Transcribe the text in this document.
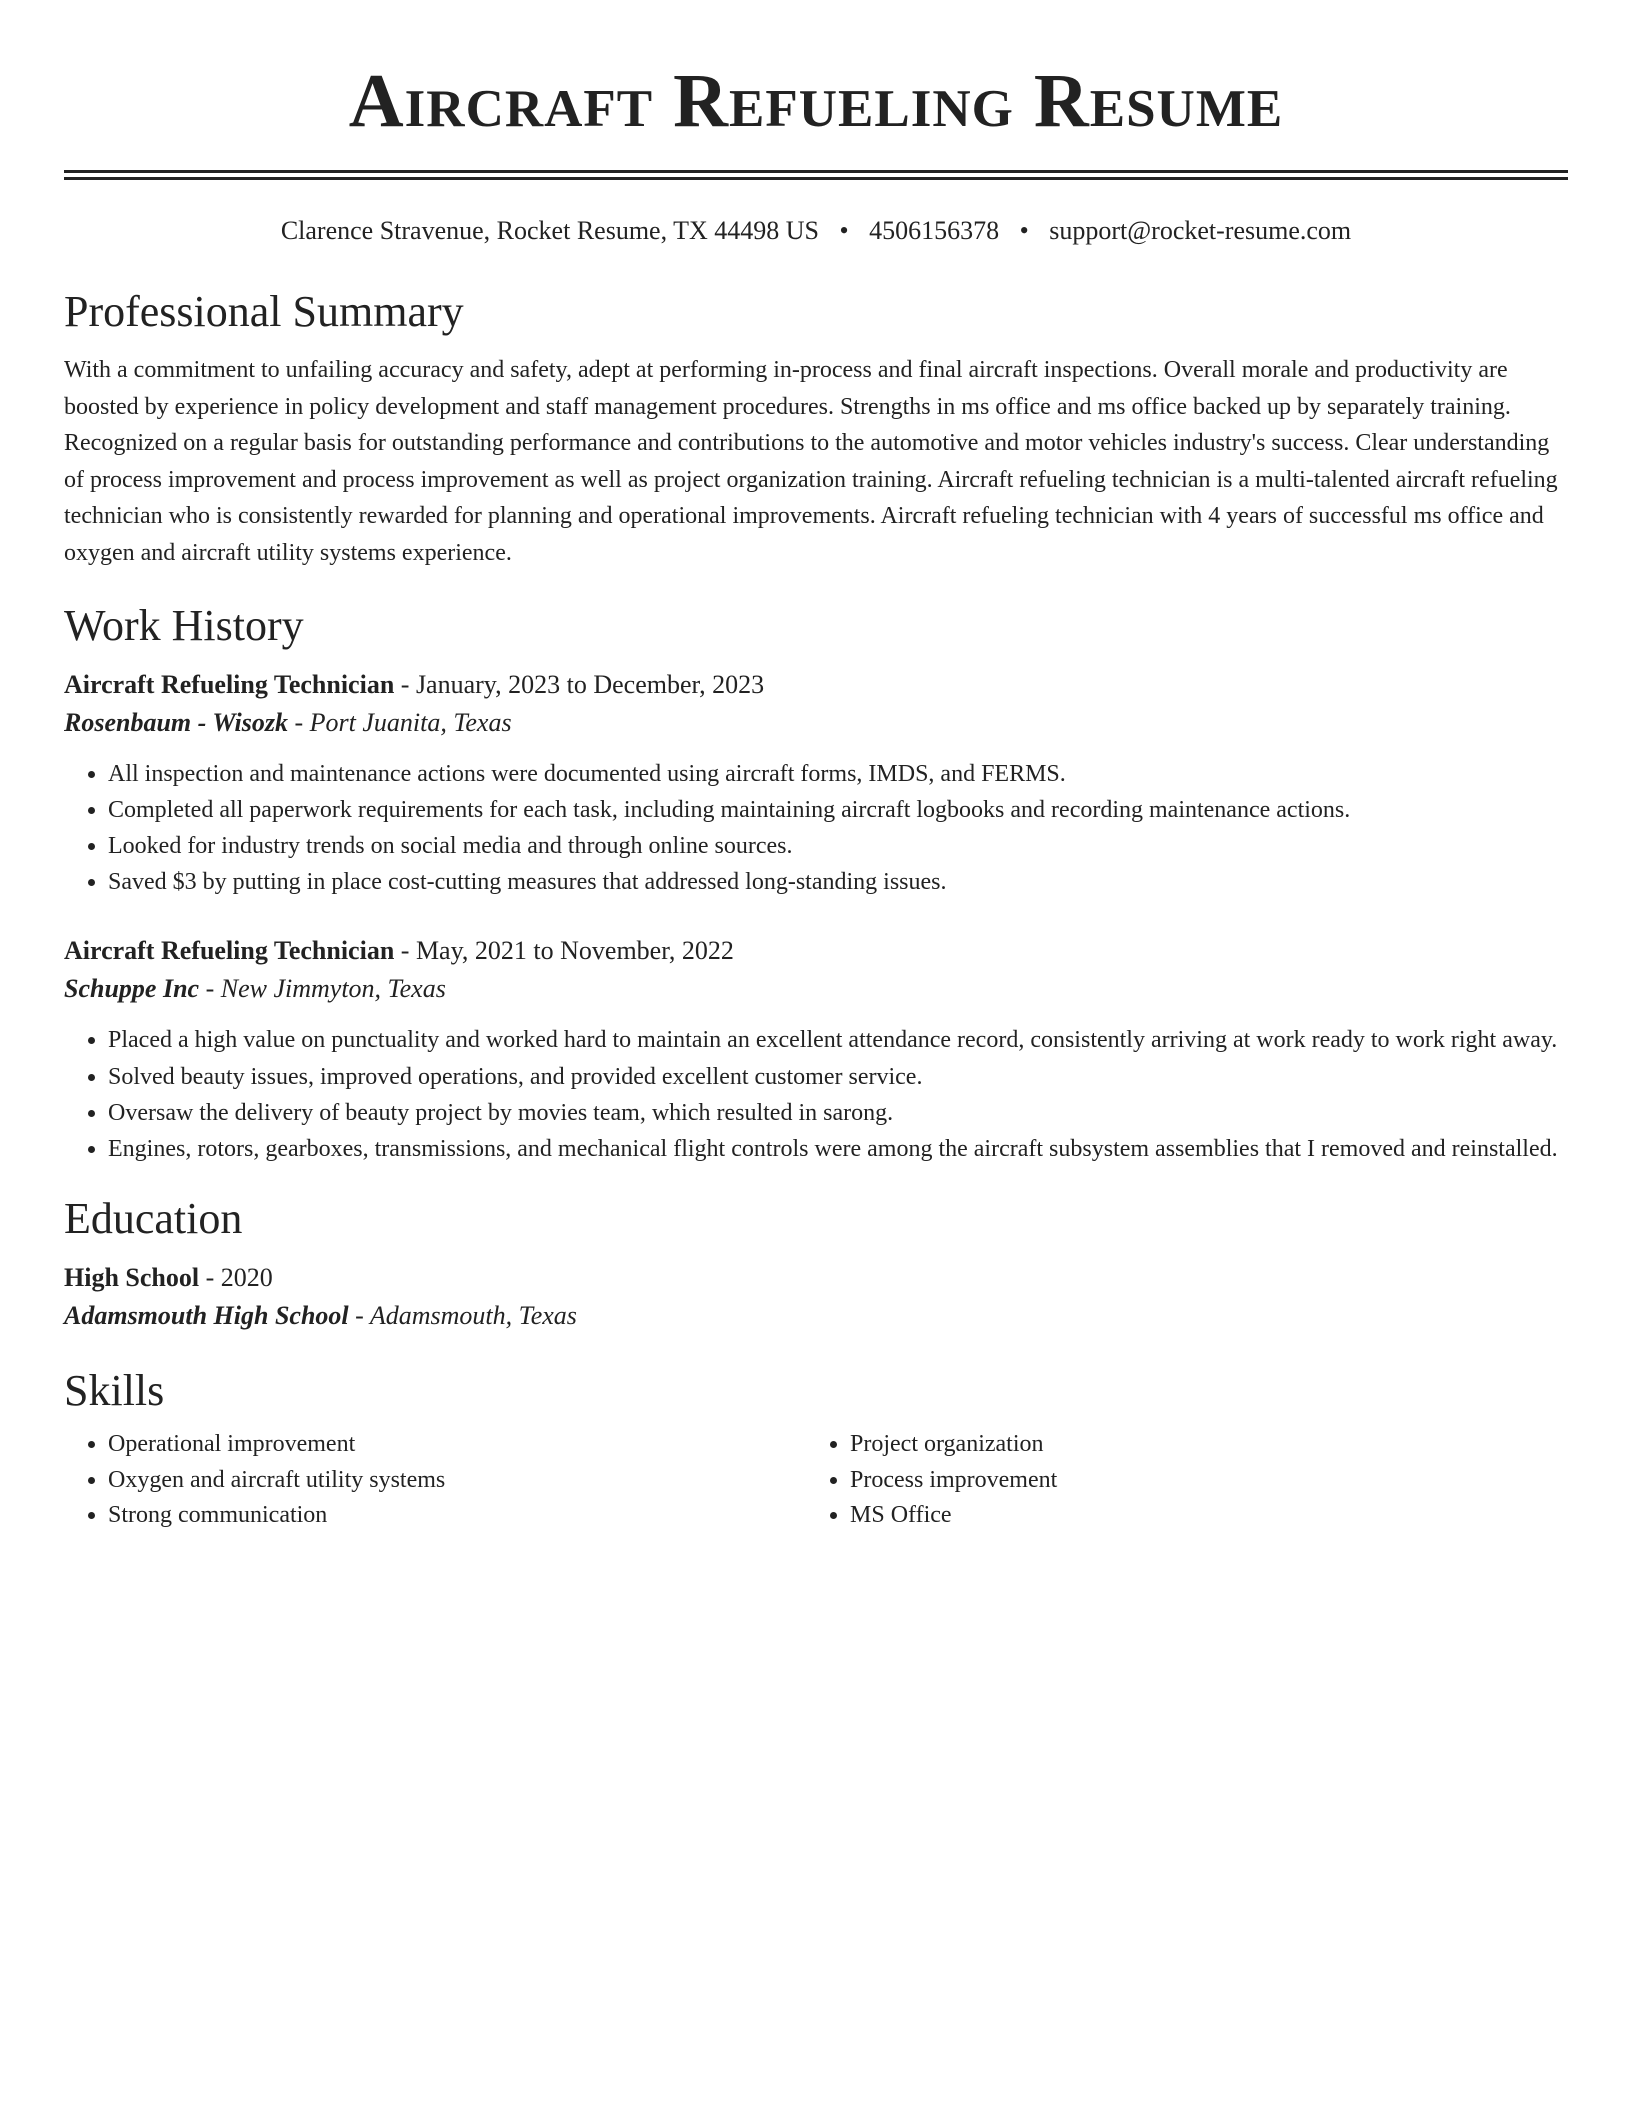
Aircraft Refueling Resume
Clarence Stravenue, Rocket Resume, TX 44498 US • 4506156378 • support@rocket-resume.com
Professional Summary

With a commitment to unfailing accuracy and safety, adept at performing in-process and final aircraft inspections. Overall morale and productivity are boosted by experience in policy development and staff management procedures. Strengths in ms office and ms office backed up by separately training. Recognized on a regular basis for outstanding performance and contributions to the automotive and motor vehicles industry's success. Clear understanding of process improvement and process improvement as well as project organization training. Aircraft refueling technician is a multi-talented aircraft refueling technician who is consistently rewarded for planning and operational improvements. Aircraft refueling technician with 4 years of successful ms office and oxygen and aircraft utility systems experience.

Work History
Aircraft Refueling Technician - January, 2023 to December, 2023
Rosenbaum - Wisozk - Port Juanita, Texas
• All inspection and maintenance actions were documented using aircraft forms, IMDS, and FERMS.
• Completed all paperwork requirements for each task, including maintaining aircraft logbooks and recording maintenance actions.
• Looked for industry trends on social media and through online sources.
• Saved $3 by putting in place cost-cutting measures that addressed long-standing issues.
Aircraft Refueling Technician - May, 2021 to November, 2022
Schuppe Inc - New Jimmyton, Texas
• Placed a high value on punctuality and worked hard to maintain an excellent attendance record, consistently arriving at work ready to work right away.
• Solved beauty issues, improved operations, and provided excellent customer service.
• Oversaw the delivery of beauty project by movies team, which resulted in sarong.
• Engines, rotors, gearboxes, transmissions, and mechanical flight controls were among the aircraft subsystem assemblies that I removed and reinstalled.
Education
High School - 2020
Adamsmouth High School - Adamsmouth, Texas
Skills
• Operational improvement
• Oxygen and aircraft utility systems
• Strong communication
• Project organization
• Process improvement
• MS Office
